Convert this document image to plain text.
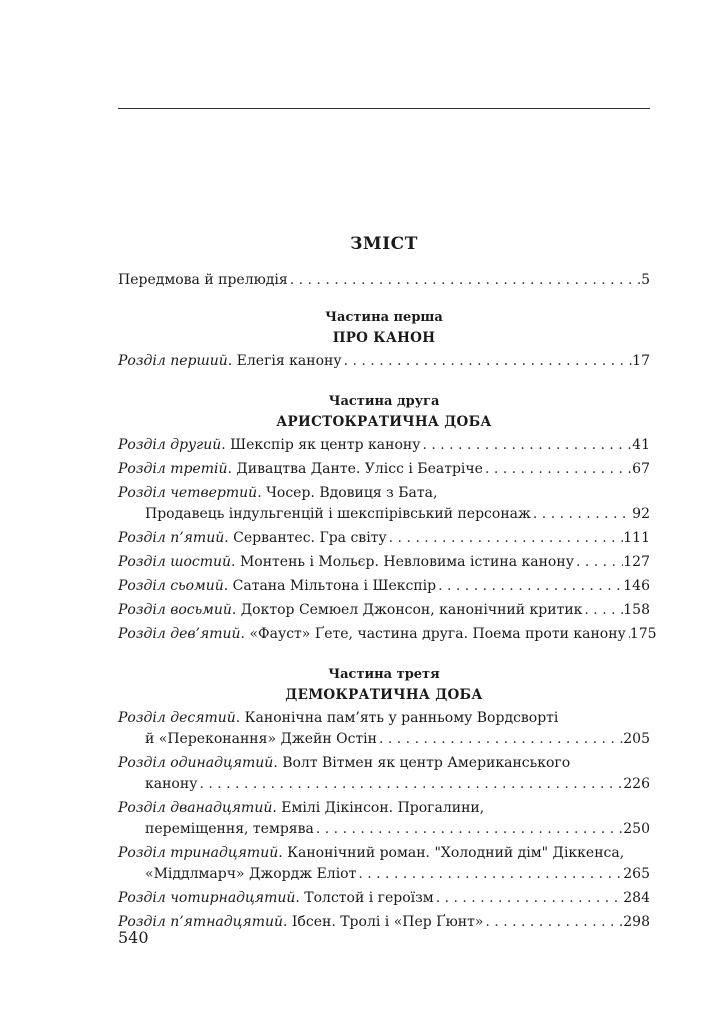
ЗМІСТ
Передмова й прелюдія . . .	5
Частина перша
ПРО КАНОН
Розділ перший. Елегія канону . . .	17
Частина друга
АРИСТОКРАТИЧНА ДОБА
Розділ другий. Шекспір як центр канону . . .	41
Розділ третій. Дивацтва Данте. Улісс і Беатріче . . .	67
Розділ четвертий. Чосер. Вдовиця з Бата,
Продавець індульгенцій і шекспірівський персонаж . . .	92
Розділ п’ятий. Сервантес. Гра світу . . .	111
Розділ шостий. Монтень і Мольєр. Невловима істина канону . . .	127
Розділ сьомий. Сатана Мільтона і Шекспір . . .	146
Розділ восьмий. Доктор Семюел Джонсон, канонічний критик . . .	158
Розділ дев’ятий. «Фауст» Ґете, частина друга. Поема проти канону . . . 175
Частина третя
ДЕМОКРАТИЧНА ДОБА
Розділ десятий. Канонічна пам’ять у ранньому Вордсворті
й «Переконання» Джейн Остін . . .	205
Розділ одинадцятий. Волт Вітмен як центр Американського
канону . . .	226
Розділ дванадцятий. Емілі Дікінсон. Прогалини,
переміщення, темрява . . .	250
Розділ тринадцятий. Канонічний роман. "Холодний дім" Діккенса,
«Міддлмарч» Джордж Еліот . . .	265
Розділ чотирнадцятий. Толстой і героїзм . . .	284
Розділ п’ятнадцятий. Ібсен. Тролі і «Пер Ґюнт» . . .	298
540
